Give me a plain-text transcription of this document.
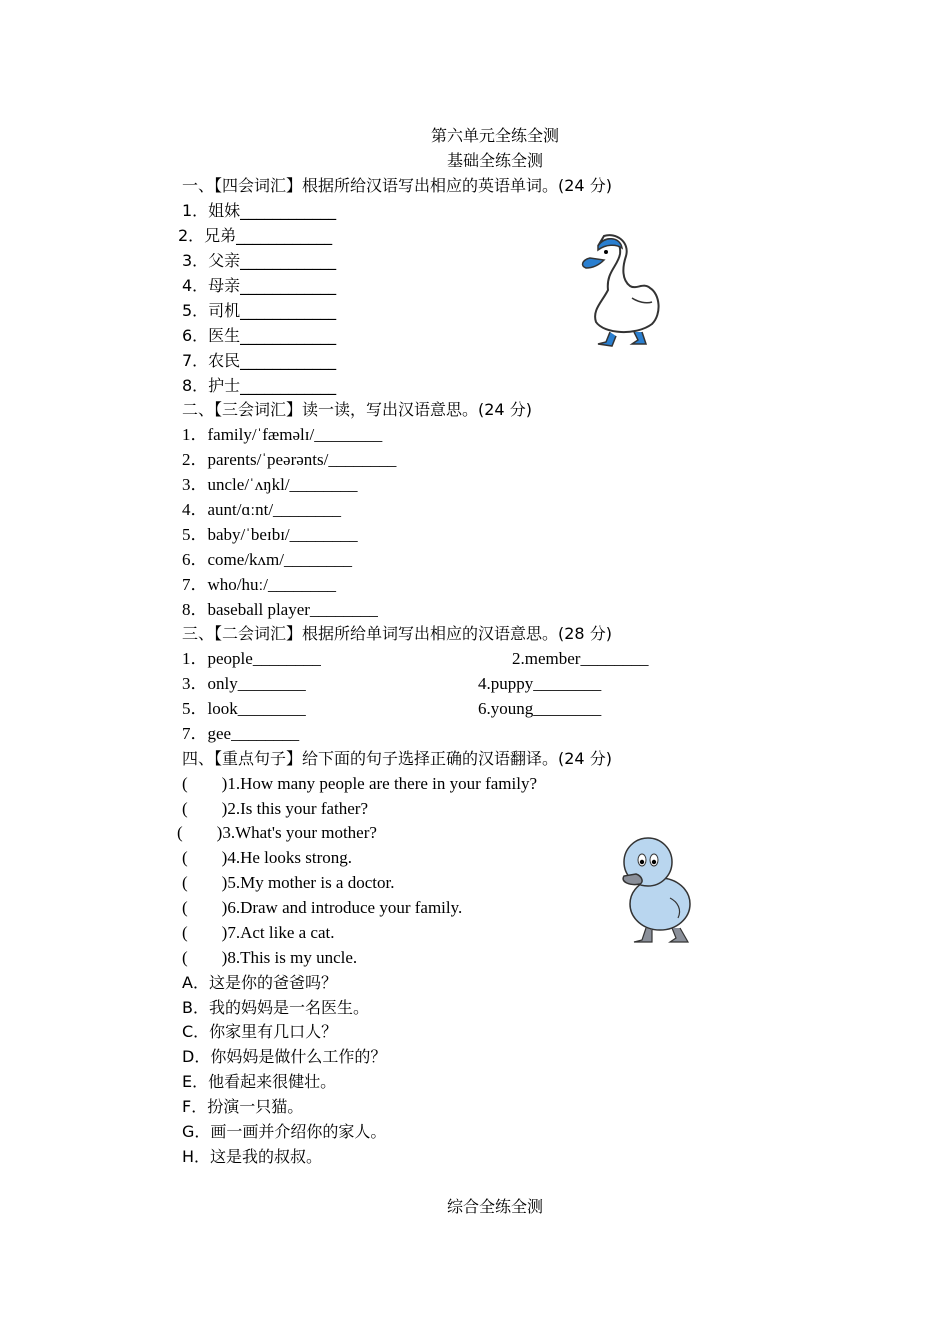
第六单元全练全测
基础全练全测
一、【四会词汇】根据所给汉语写出相应的英语单词。(24 分)
1．姐妹____________
2．兄弟____________
3．父亲____________
4．母亲____________
5．司机____________
6．医生____________
7．农民____________
8．护士____________
二、【三会词汇】读一读，写出汉语意思。(24 分)
1．family/ˈfæməlɪ/________
2．parents/ˈpeərənts/________
3．uncle/ˈʌŋkl/________
4．aunt/ɑːnt/________
5．baby/ˈbeɪbɪ/________
6．come/kʌm/________
7．who/huː/________
8．baseball player________
三、【二会词汇】根据所给单词写出相应的汉语意思。(28 分)
1．people________	2.member________
3．only________	4.puppy________
5．look________	6.young________
7．gee________
四、【重点句子】给下面的句子选择正确的汉语翻译。(24 分)
(        )1.How many people are there in your family?
(        )2.Is this your father?
(        )3.What's your mother?
(        )4.He looks strong.
(        )5.My mother is a doctor.
(        )6.Draw and introduce your family.
(        )7.Act like a cat.
(        )8.This is my uncle.
A．这是你的爸爸吗？
B．我的妈妈是一名医生。
C．你家里有几口人？
D．你妈妈是做什么工作的？
E．他看起来很健壮。
F．扮演一只猫。
G．画一画并介绍你的家人。
H．这是我的叔叔。
综合全练全测
